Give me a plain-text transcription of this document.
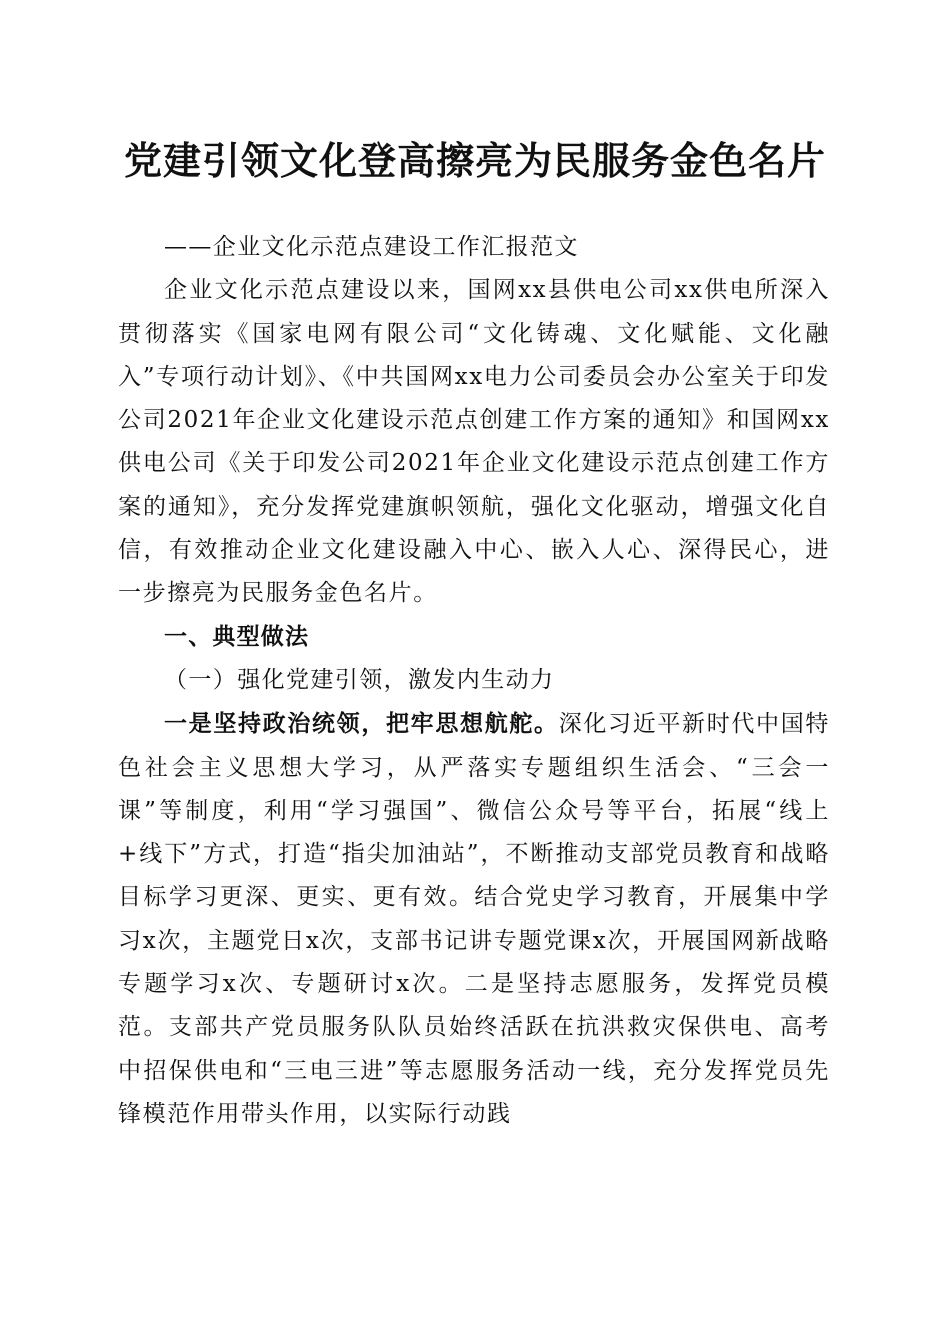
党建引领文化登高擦亮为民服务金色名片

——企业文化示范点建设工作汇报范文

企业文化示范点建设以来，国网xx县供电公司xx供电所深入贯彻落实《国家电网有限公司“文化铸魂、文化赋能、文化融入”专项行动计划》、《中共国网xx电力公司委员会办公室关于印发公司2021年企业文化建设示范点创建工作方案的通知》和国网xx供电公司《关于印发公司2021年企业文化建设示范点创建工作方案的通知》，充分发挥党建旗帜领航，强化文化驱动，增强文化自信，有效推动企业文化建设融入中心、嵌入人心、深得民心，进一步擦亮为民服务金色名片。

一、典型做法

（一）强化党建引领，激发内生动力

一是坚持政治统领，把牢思想航舵。深化习近平新时代中国特色社会主义思想大学习，从严落实专题组织生活会、“三会一课”等制度，利用“学习强国”、微信公众号等平台，拓展“线上+线下”方式，打造“指尖加油站”，不断推动支部党员教育和战略目标学习更深、更实、更有效。结合党史学习教育，开展集中学习x次，主题党日x次，支部书记讲专题党课x次，开展国网新战略专题学习x次、专题研讨x次。二是坚持志愿服务，发挥党员模范。支部共产党员服务队队员始终活跃在抗洪救灾保供电、高考中招保供电和“三电三进”等志愿服务活动一线，充分发挥党员先锋模范作用带头作用，以实际行动践
